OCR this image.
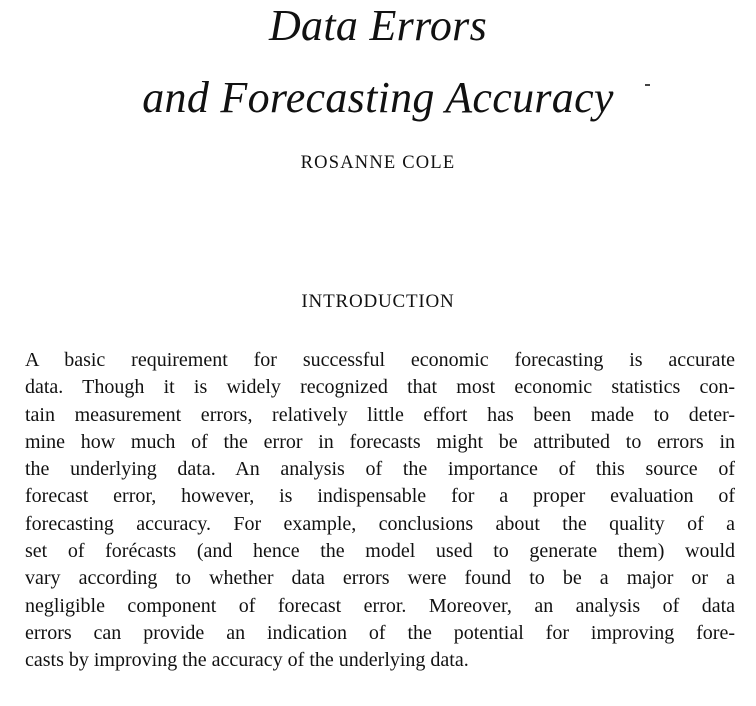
Data Errors
and Forecasting Accuracy
ROSANNE COLE
INTRODUCTION
A basic requirement for successful economic forecasting is accurate
data. Though it is widely recognized that most economic statistics con-
tain measurement errors, relatively little effort has been made to deter-
mine how much of the error in forecasts might be attributed to errors in
the underlying data. An analysis of the importance of this source of
forecast error, however, is indispensable for a proper evaluation of
forecasting accuracy. For example, conclusions about the quality of a
set of forécasts (and hence the model used to generate them) would
vary according to whether data errors were found to be a major or a
negligible component of forecast error. Moreover, an analysis of data
errors can provide an indication of the potential for improving fore-
casts by improving the accuracy of the underlying data.
